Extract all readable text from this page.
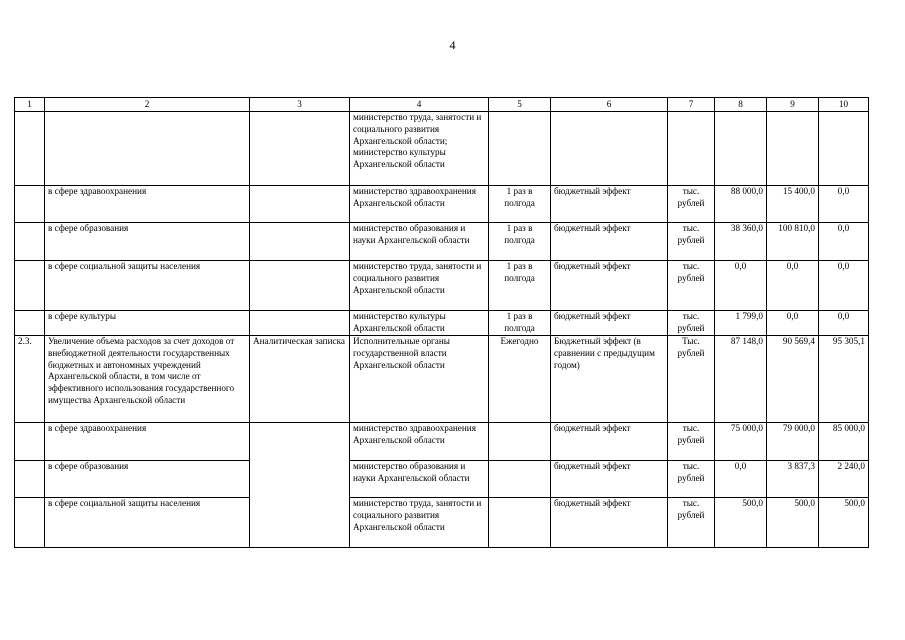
4
1	2	3	4	5	6	7	8	9	10
			министерство труда, занятости и социального развития Архангельской области; министерство культуры Архангельской области						
	в сфере здравоохранения		министерство здравоохранения Архангельской области	1 раз в полгода	бюджетный эффект	тыс. рублей	88 000,0	15 400,0	0,0
	в сфере образования		министерство образования и науки Архангельской области	1 раз в полгода	бюджетный эффект	тыс. рублей	38 360,0	100 810,0	0,0
	в сфере социальной защиты населения		министерство труда, занятости и социального развития Архангельской области	1 раз в полгода	бюджетный эффект	тыс. рублей	0,0	0,0	0,0
	в сфере культуры		министерство культуры Архангельской области	1 раз в полгода	бюджетный эффект	тыс. рублей	1 799,0	0,0	0,0
2.3.	Увеличение объема расходов за счет доходов от внебюджетной деятельности государственных бюджетных и автономных учреждений Архангельской области, в том числе от эффективного использования государственного имущества Архангельской области	Аналитическая записка	Исполнительные органы государственной власти Архангельской области	Ежегодно	Бюджетный эффект (в сравнении с предыдущим годом)	Тыс. рублей	87 148,0	90 569,4	95 305,1
	в сфере здравоохранения		министерство здравоохранения Архангельской области		бюджетный эффект	тыс. рублей	75 000,0	79 000,0	85 000,0
	в сфере образования		министерство образования и науки Архангельской области		бюджетный эффект	тыс. рублей	0,0	3 837,3	2 240,0
	в сфере социальной защиты населения		министерство труда, занятости и социального развития Архангельской области		бюджетный эффект	тыс. рублей	500,0	500,0	500,0
